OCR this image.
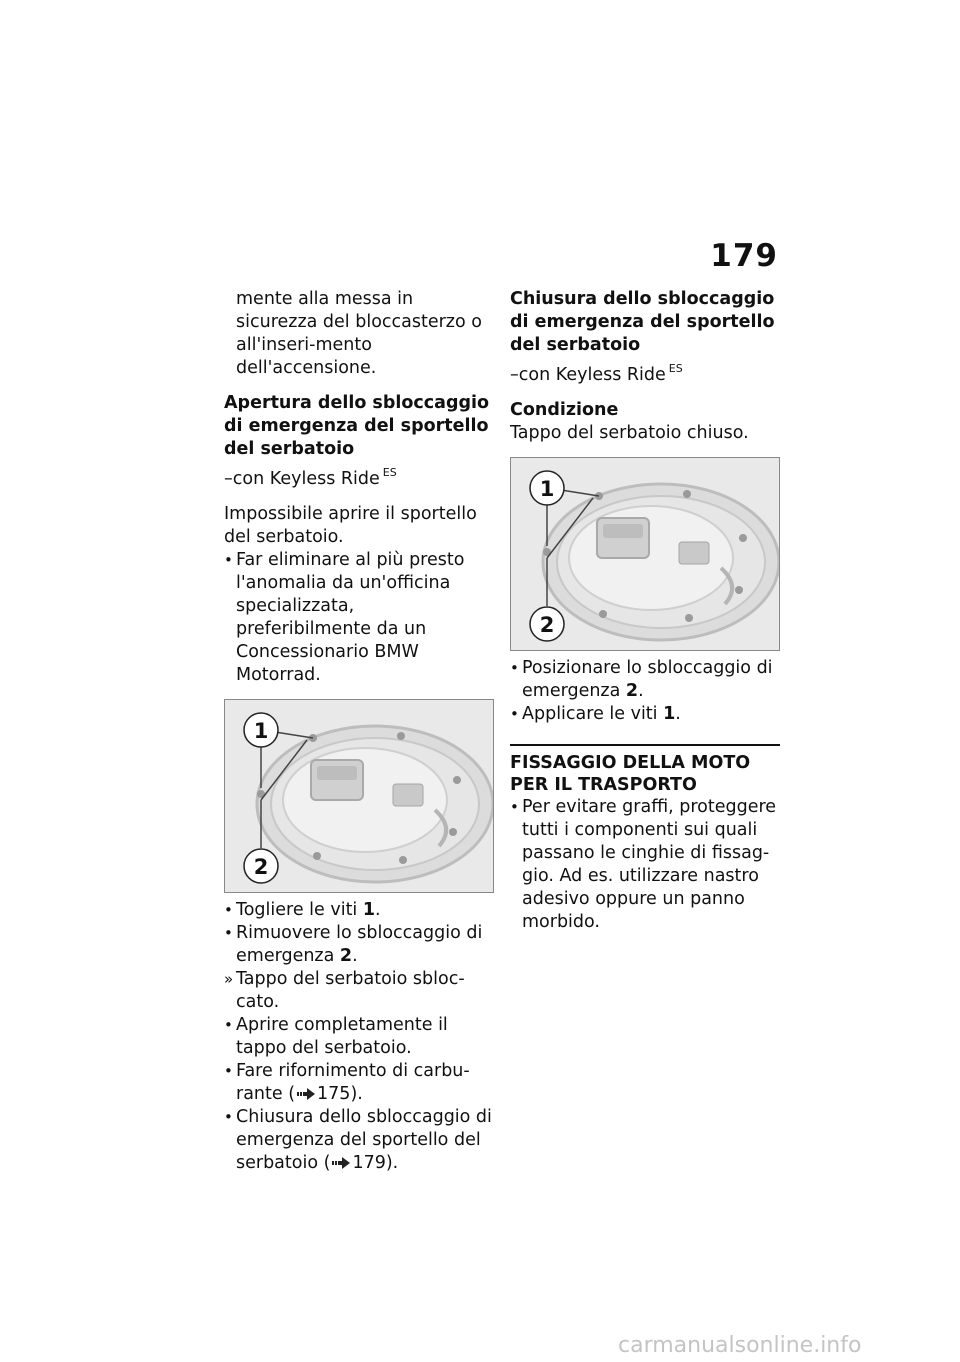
179

mente alla messa in sicurezza del bloccasterzo o all'inseri-mento dell'accensione.

Apertura dello sbloccaggio di emergenza del sportello del serbatoio

–con Keyless Ride $^{ES}$

Impossibile aprire il sportello del serbatoio.

• Far eliminare al più presto l'anomalia da un'officina specializzata, preferibilmente da un Concessionario BMW Motorrad.
1
2
• Togliere le viti 1.
• Rimuovere lo sbloccaggio di emergenza 2.
» Tappo del serbatoio sbloc-cato.
• Aprire completamente il tappo del serbatoio.
• Fare rifornimento di carbu-rante ( 175).
• Chiusura dello sbloccaggio di emergenza del sportello del serbatoio ( 179).

Chiusura dello sbloccaggio di emergenza del sportello del serbatoio

–con Keyless Ride $^{ES}$

Condizione

Tappo del serbatoio chiuso.

1
2
• Posizionare lo sbloccaggio di emergenza 2.
• Applicare le viti 1.

FISSAGGIO DELLA MOTO PER IL TRASPORTO

• Per evitare graffi, proteggere tutti i componenti sui quali passano le cinghie di fissag-gio. Ad es. utilizzare nastro adesivo oppure un panno morbido.
carmanualsonline.info
